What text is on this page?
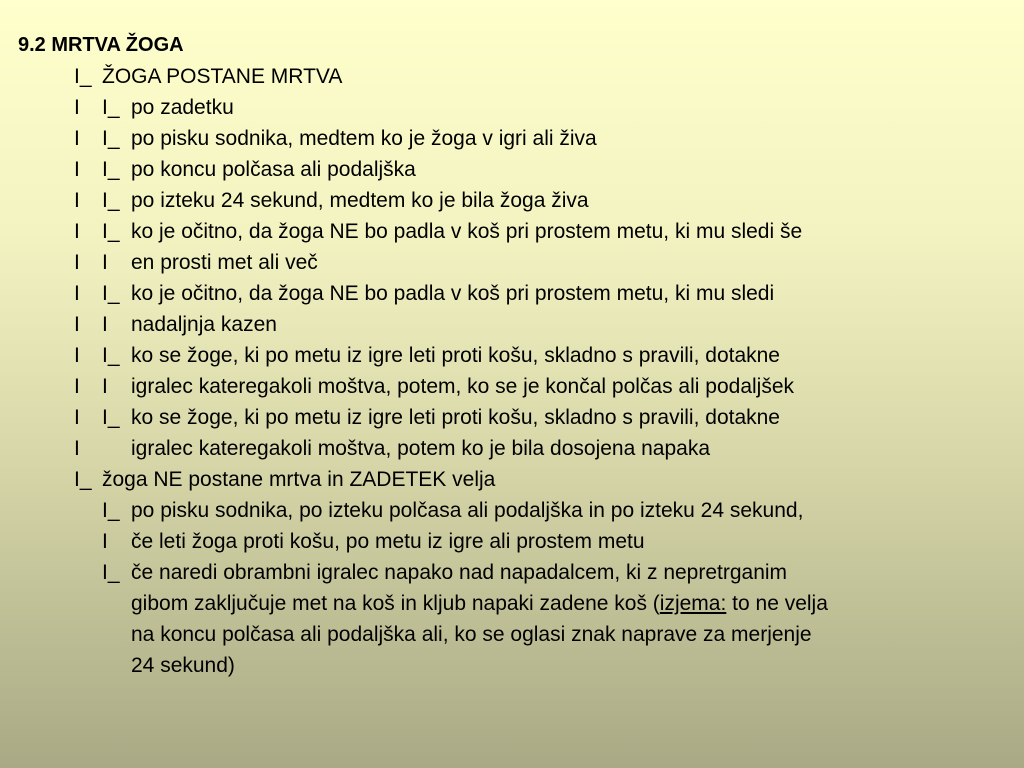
9.2 MRTVA ŽOGA
I_ ŽOGA POSTANE MRTVA
I I_ po zadetku
I I_ po pisku sodnika, medtem ko je žoga v igri ali živa
I I_ po koncu polčasa ali podaljška
I I_ po izteku 24 sekund, medtem ko je bila žoga živa
I I_ ko je očitno, da žoga NE bo padla v koš pri prostem metu, ki mu sledi še
I I en prosti met ali več
I I_ ko je očitno, da žoga NE bo padla v koš pri prostem metu, ki mu sledi
I I nadaljnja kazen
I I_ ko se žoge, ki po metu iz igre leti proti košu, skladno s pravili, dotakne
I I igralec kateregakoli moštva, potem, ko se je končal polčas ali podaljšek
I I_ ko se žoge, ki po metu iz igre leti proti košu, skladno s pravili, dotakne
I igralec kateregakoli moštva, potem ko je bila dosojena napaka
I_ žoga NE postane mrtva in ZADETEK velja
I_ po pisku sodnika, po izteku polčasa ali podaljška in po izteku 24 sekund,
I če leti žoga proti košu, po metu iz igre ali prostem metu
I_ če naredi obrambni igralec napako nad napadalcem, ki z nepretrganim
gibom zaključuje met na koš in kljub napaki zadene koš (izjema: to ne velja
na koncu polčasa ali podaljška ali, ko se oglasi znak naprave za merjenje
24 sekund)
